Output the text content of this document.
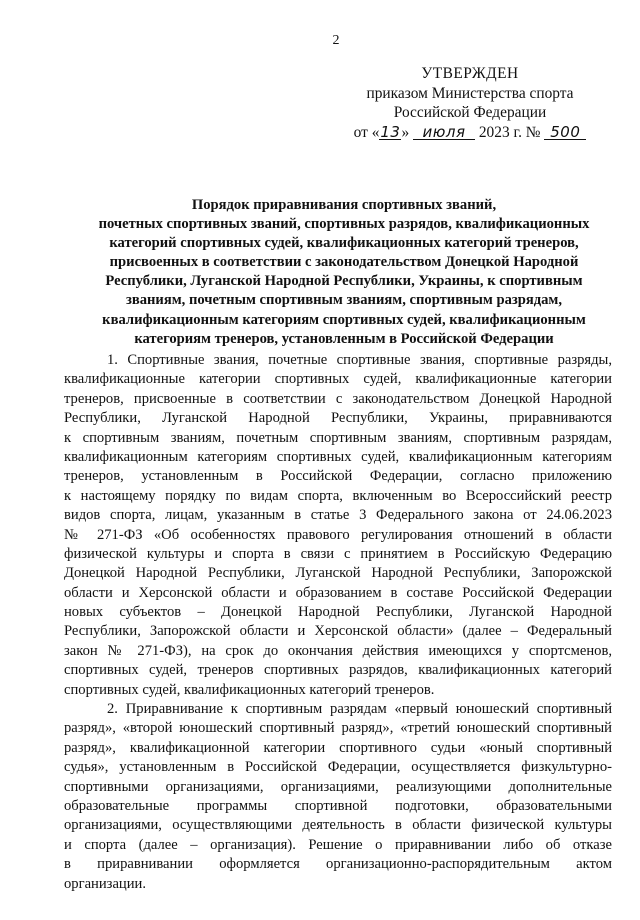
2
УТВЕРЖДЕН
приказом Министерства спорта
Российской Федерации
от «13» июля 2023 г. № 500
Порядок приравнивания спортивных званий,
почетных спортивных званий, спортивных разрядов, квалификационных
категорий спортивных судей, квалификационных категорий тренеров,
присвоенных в соответствии с законодательством Донецкой Народной
Республики, Луганской Народной Республики, Украины, к спортивным
званиям, почетным спортивным званиям, спортивным разрядам,
квалификационным категориям спортивных судей, квалификационным
категориям тренеров, установленным в Российской Федерации
1. Спортивные звания, почетные спортивные звания, спортивные разряды,
квалификационные категории спортивных судей, квалификационные категории
тренеров, присвоенные в соответствии с законодательством Донецкой Народной
Республики, Луганской Народной Республики, Украины, приравниваются
к спортивным званиям, почетным спортивным званиям, спортивным разрядам,
квалификационным категориям спортивных судей, квалификационным категориям
тренеров, установленным в Российской Федерации, согласно приложению
к настоящему порядку по видам спорта, включенным во Всероссийский реестр
видов спорта, лицам, указанным в статье 3 Федерального закона от 24.06.2023
№ 271-ФЗ «Об особенностях правового регулирования отношений в области
физической культуры и спорта в связи с принятием в Российскую Федерацию
Донецкой Народной Республики, Луганской Народной Республики, Запорожской
области и Херсонской области и образованием в составе Российской Федерации
новых субъектов – Донецкой Народной Республики, Луганской Народной
Республики, Запорожской области и Херсонской области» (далее – Федеральный
закон № 271-ФЗ), на срок до окончания действия имеющихся у спортсменов,
спортивных судей, тренеров спортивных разрядов, квалификационных категорий
спортивных судей, квалификационных категорий тренеров.
2. Приравнивание к спортивным разрядам «первый юношеский спортивный
разряд», «второй юношеский спортивный разряд», «третий юношеский спортивный
разряд», квалификационной категории спортивного судьи «юный спортивный
судья», установленным в Российской Федерации, осуществляется физкультурно-
спортивными организациями, организациями, реализующими дополнительные
образовательные программы спортивной подготовки, образовательными
организациями, осуществляющими деятельность в области физической культуры
и спорта (далее – организация). Решение о приравнивании либо об отказе
в приравнивании оформляется организационно-распорядительным актом
организации.
